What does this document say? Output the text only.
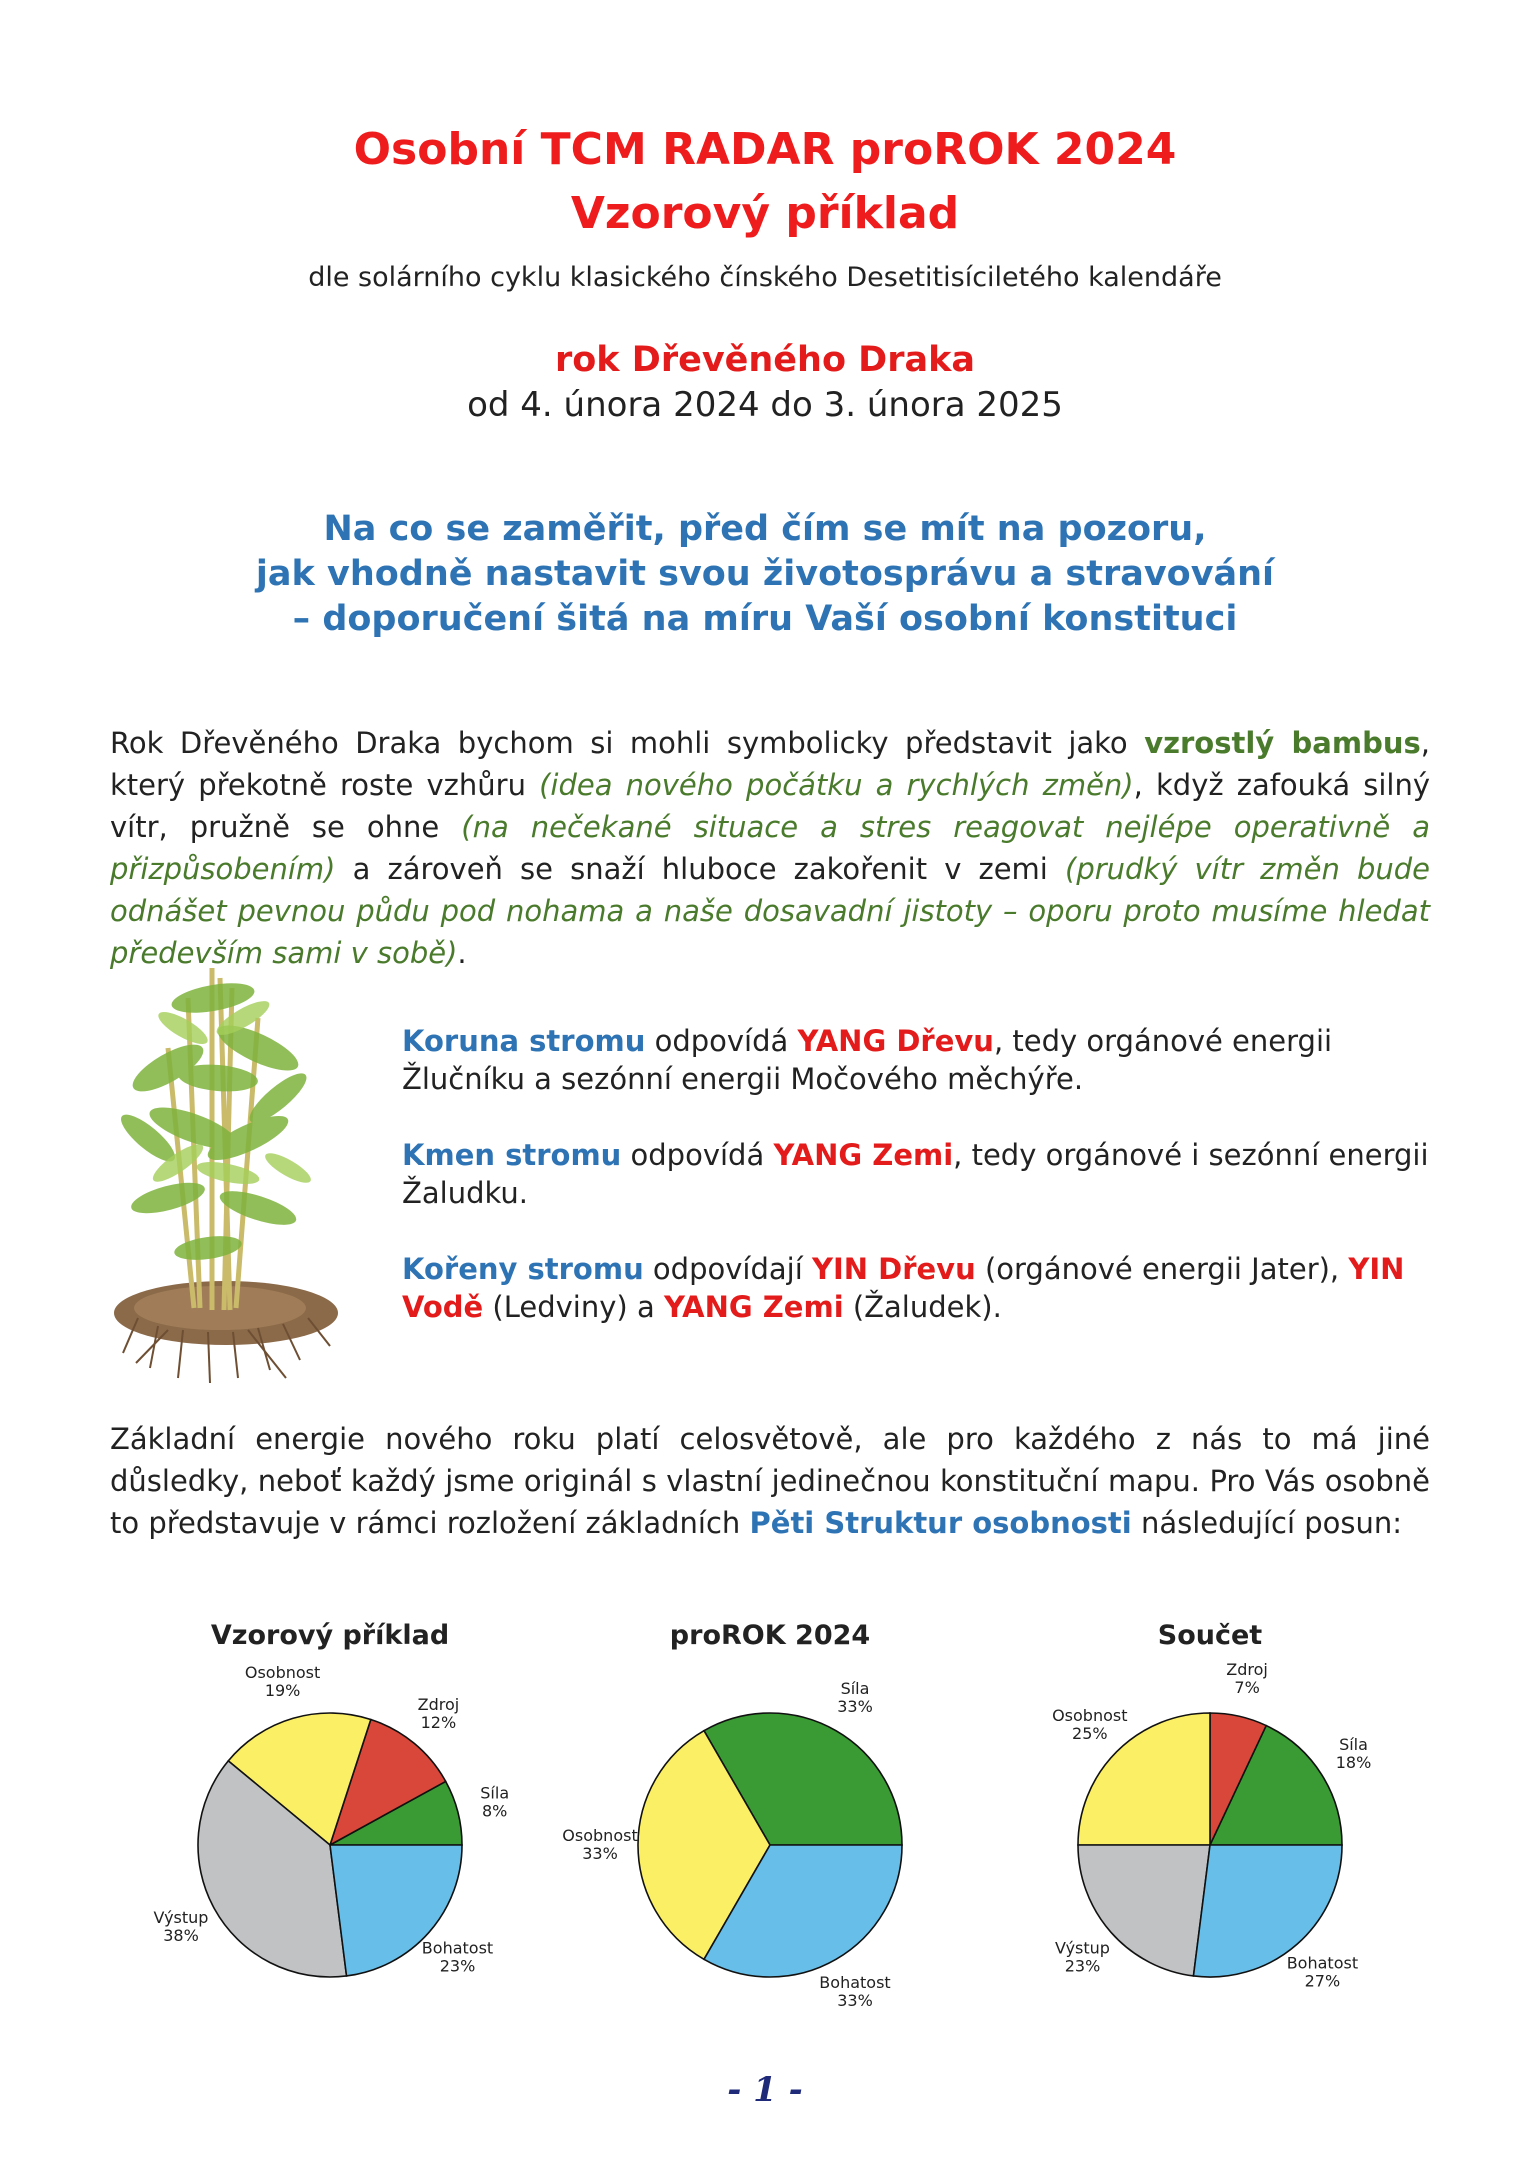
Osobní TCM RADAR proROK 2024
Vzorový příklad
dle solárního cyklu klasického čínského Desetitisíciletého kalendáře
rok Dřevěného Draka
od 4. února 2024 do 3. února 2025
Na co se zaměřit, před čím se mít na pozoru,
jak vhodně nastavit svou životosprávu a stravování
– doporučení šitá na míru Vaší osobní konstituci
Rok Dřevěného Draka bychom si mohli symbolicky představit jako vzrostlý bambus, který překotně roste vzhůru (idea nového počátku a rychlých změn), když zafouká silný vítr, pružně se ohne (na nečekané situace a stres reagovat nejlépe operativně a přizpůsobením) a zároveň se snaží hluboce zakořenit v zemi (prudký vítr změn bude odnášet pevnou půdu pod nohama a naše dosavadní jistoty – oporu proto musíme hledat především sami v sobě).
Koruna stromu odpovídá YANG Dřevu, tedy orgánové energii Žlučníku a sezónní energii Močového měchýře.
Kmen stromu odpovídá YANG Zemi, tedy orgánové i sezónní energii Žaludku.
Kořeny stromu odpovídají YIN Dřevu (orgánové energii Jater), YIN Vodě (Ledviny) a YANG Zemi (Žaludek).
Základní energie nového roku platí celosvětově, ale pro každého z nás to má jiné důsledky, neboť každý jsme originál s vlastní jedinečnou konstituční mapu. Pro Vás osobně to představuje v rámci rozložení základních Pěti Struktur osobnosti následující posun:
Vzorový příklad	proROK 2024	Součet
Síla
8%
Zdroj
12%
Osobnost
19%
Výstup
38%
Bohatost
23%
Síla
33%
Osobnost
33%
Bohatost
33%
Síla
18%
Zdroj
7%
Osobnost
25%
Výstup
23%	Bohatost
27%
- 1 -
